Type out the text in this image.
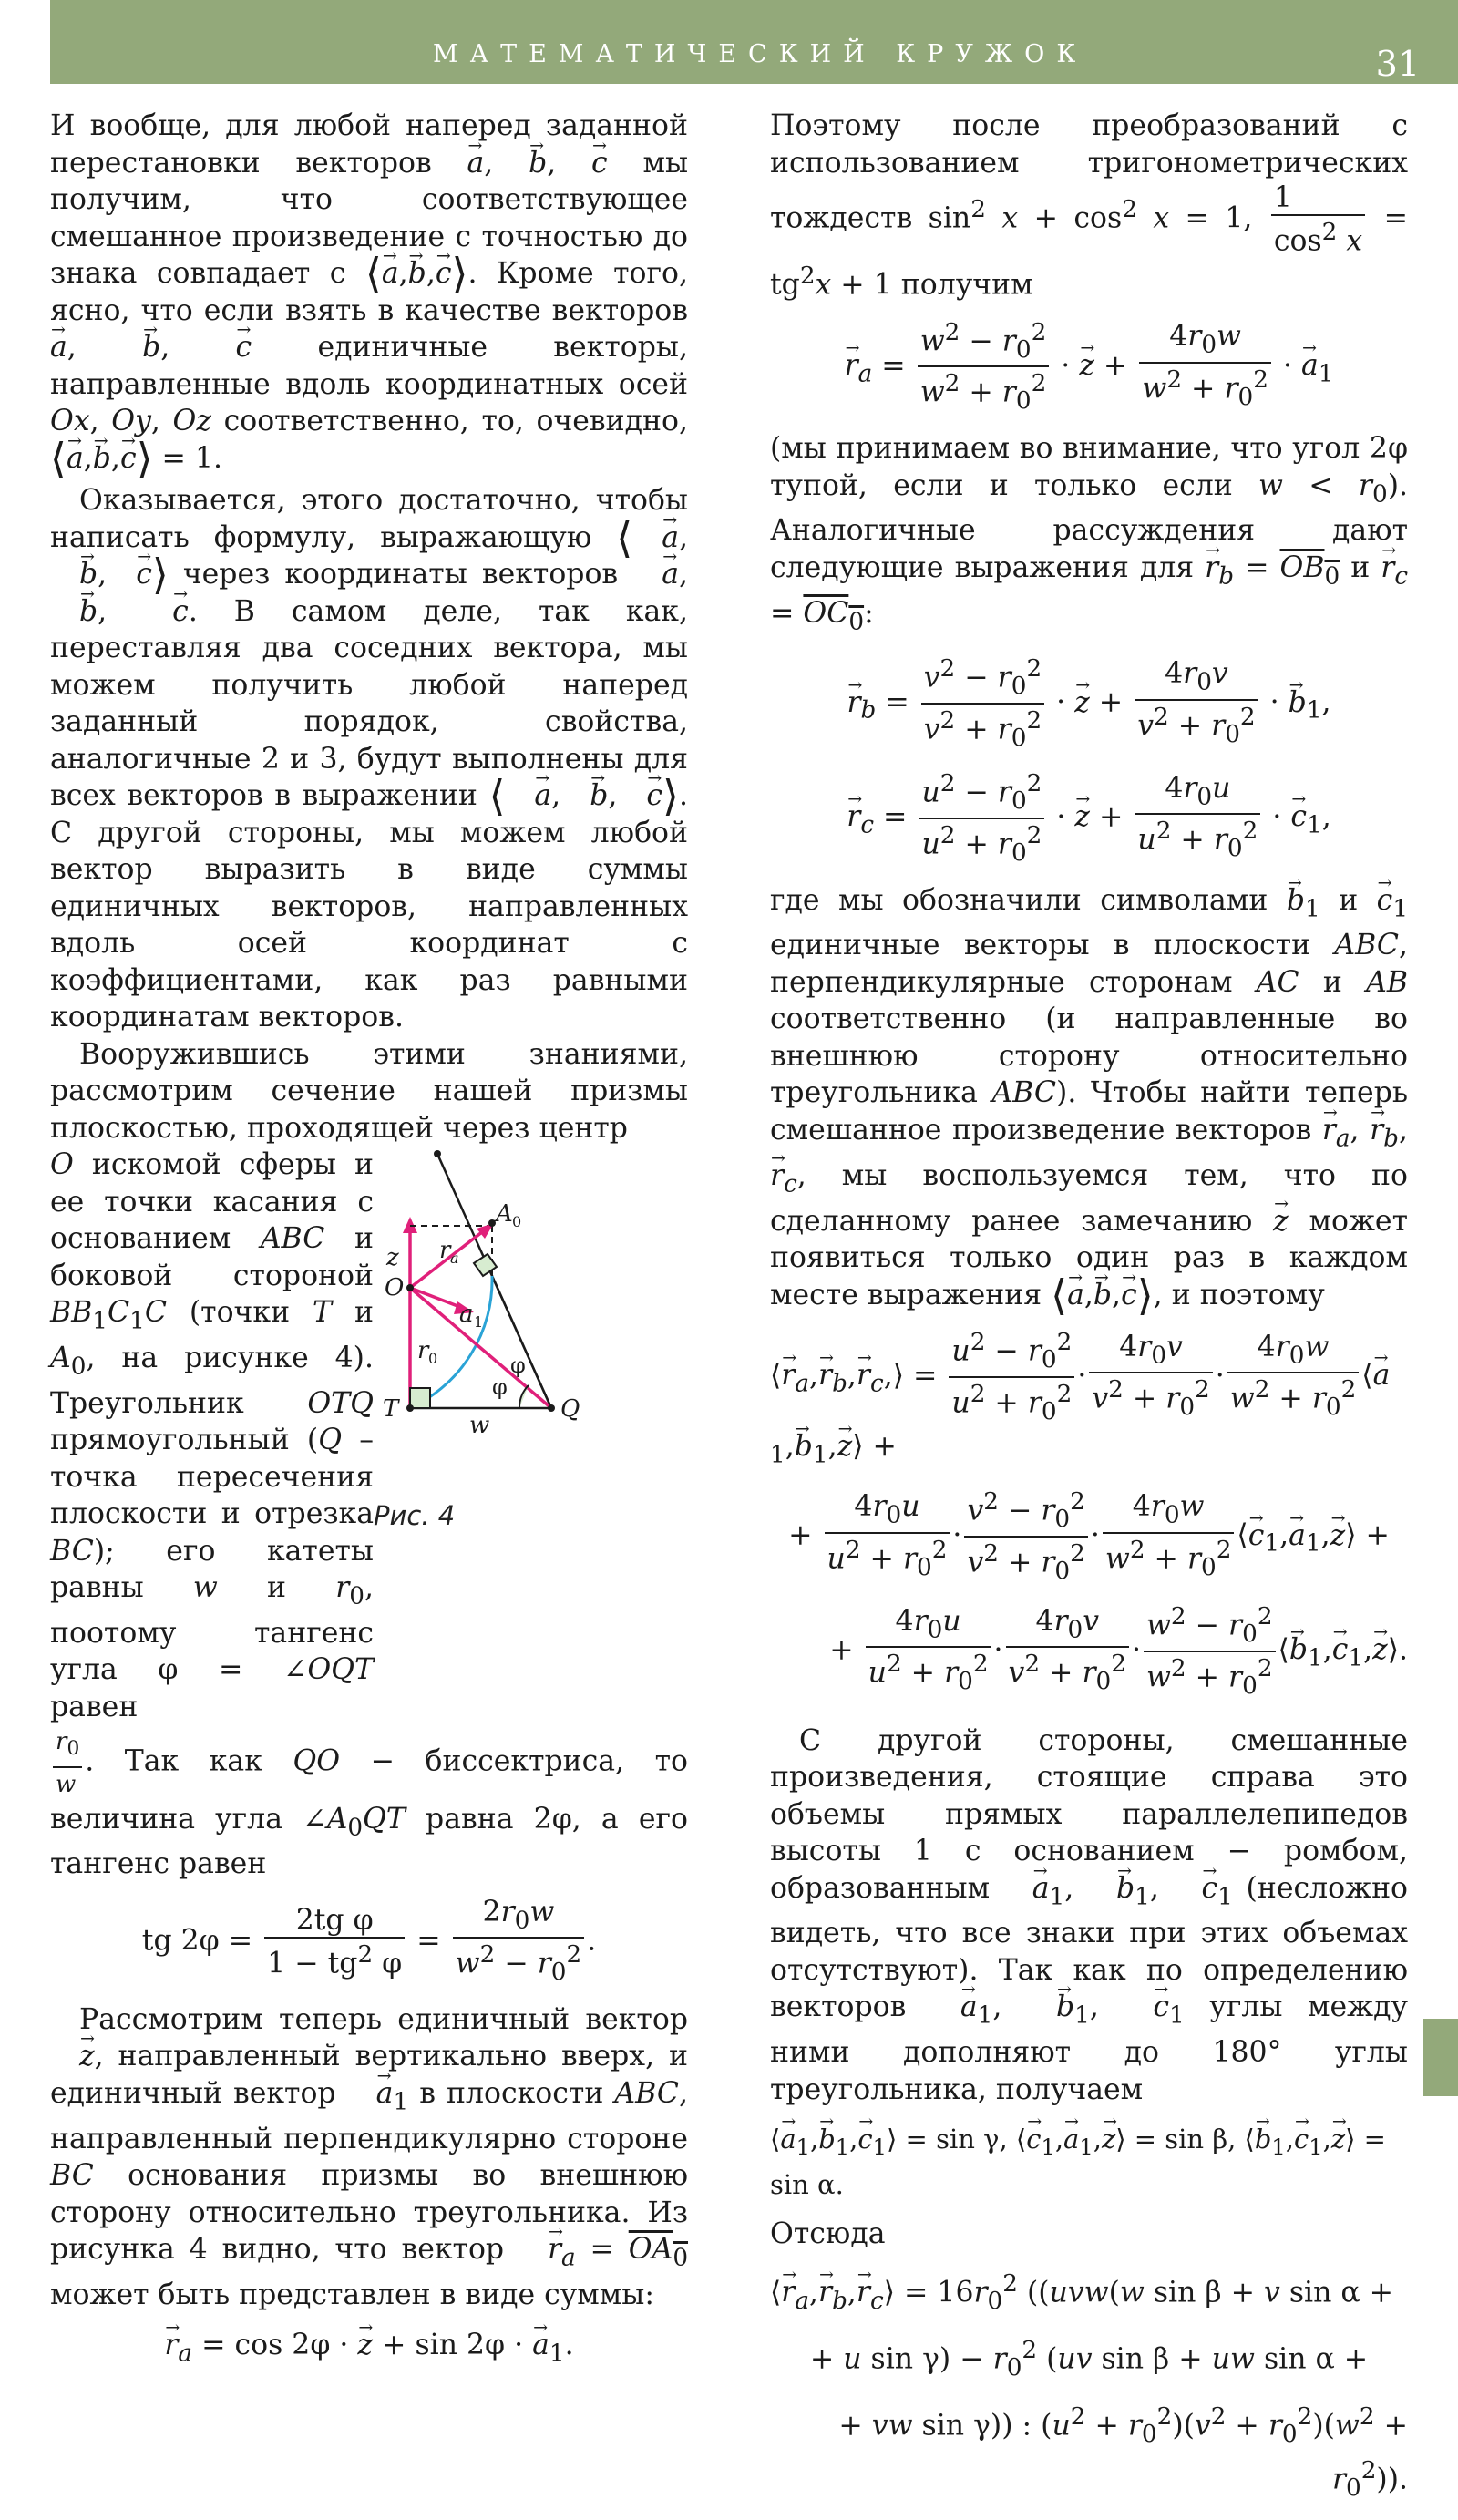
МАТЕМАТИЧЕСКИЙ КРУЖОК	31

И вообще, для любой наперед заданной перестановки векторов → a, → b, → c мы получим, что соответствующее смешанное произведение с точностью до знака совпадает с ⟨→ a,→ b,→ c⟩. Кроме того, ясно, что если взять в качестве векторов → a, → b, → c единичные векторы, направленные вдоль координатных осей Ox, Oy, Oz соответственно, то, очевидно, ⟨→ a,→ b,→ c⟩ = 1.

Оказывается, этого достаточно, чтобы написать формулу, выражающую ⟨ → a,→ b, → c⟩ через координаты векторов → a, → b, → c. В самом деле, так как, переставляя два соседних вектора, мы можем получить любой наперед заданный порядок, свойства, аналогичные 2 и 3, будут выполнены для всех векторов в выражении ⟨ → a, → b, → c⟩. С другой стороны, мы можем любой вектор выразить в виде суммы единичных векторов, направленных вдоль осей координат с коэффициентами, как раз равными координатам векторов.

Вооружившись этими знаниями, рассмотрим сечение нашей призмы плоскостью, проходящей через центр

O искомой сферы и ее точки касания с основанием ABC и боковой стороной $BB_1C_1C$ (точки T и $A_0$, на рисунке 4). Треугольник OTQ прямоугольный (Q – точка пересечения плоскости и отрезка BC); его катеты равны w и $r_0$, поотому тангенс угла φ = ∠OQT равен

A 0
O
z r a
a 1
r 0
T	Q
w
φ
φ
Рис. 4

$\frac{r_0}{w}$ . Так как QO − биссектриса, то величина угла $\angle A_0QT$ равна 2φ, а его тангенс равен

tg $2\varphi = \frac{\text{2tg φ}}{1 - tg^2 \varphi} = \frac{2r_0w}{w^2 - r_0^2}$ .

Рассмотрим теперь единичный вектор → z, направленный вертикально вверх, и единичный вектор → $a_1$ в плоскости ABC, направленный перпендикулярно стороне BC основания призмы во внешнюю сторону относительно треугольника. Из рисунка 4 видно, что вектор → $r_a = OA_0$ может быть представлен в виде суммы:

→ $r_a = \cos 2\varphi$ · → z + sin 2φ · → $a_1$.

Поэтому после преобразований с использованием тригонометрических тождеств $\sin^2 x + \cos^2 x = 1$, $\frac{1}{\cos^2 x} = tg^2x + 1$ получим

→ $r_a = \frac{w^2 - r_0^2}{w^2 + r_0^2}$ · → $z + \frac{4r_0w}{w^2 + r_0^2}$ · → $a_1$

(мы принимаем во внимание, что угол 2φ тупой, если и только если $w < r_0$). Аналогичные рассуждения дают следующие выражения для → $r_b = OB_0$ $и \to r_c = OC_0$:

→ $r_b = \frac{v^2 - r_0^2}{v^2 + r_0^2}$ · → $z + \frac{4r_0v}{v^2 + r_0^2}$ · → $b_1$,
→ $r_c = \frac{u^2 - r_0^2}{u^2 + r_0^2}$ · → $z + \frac{4r_0u}{u^2 + r_0^2}$ · → $c_1$,

где мы обозначили символами → $b_1$ $и \to c_1$ единичные векторы в плоскости ABC, перпендикулярные сторонам AC и AB соответственно (и направленные во внешнюю сторону относительно треугольника ABC). Чтобы найти теперь смешанное произведение векторов → $r_a$, → $r_b$, → $r_c$, мы воспользуемся тем, что по сделанному ранее замечанию → z может появиться только один раз в каждом месте выражения ⟨→ a,→ b,→ c⟩, и поэтому

⟨→ $r_a,\to r_b,\to$ $r_c,⟩ = \frac{u^2 - r_0^2}{u^2 + r_0^2} \cdot \frac{4r_0v}{v^2 + r_0^2} \cdot \frac{4r_0w}{w^2 + r_0^2}$ ⟨→ $a_1,\to b_1,\to$ z⟩ +
+ $\frac{4r_0u}{u^2 + r_0^2} \cdot \frac{v^2 - r_0^2}{v^2 + r_0^2} \cdot \frac{4r_0w}{w^2 + r_0^2}$ ⟨→ $c_1,\to a_1,\to$ z⟩ +
+ $\frac{4r_0u}{u^2 + r_0^2} \cdot \frac{4r_0v}{v^2 + r_0^2} \cdot \frac{w^2 - r_0^2}{w^2 + r_0^2}$ ⟨→ $b_1,\to c_1,\to$ z⟩.

С другой стороны, смешанные произведения, стоящие справа это объемы прямых параллелепипедов высоты 1 с основанием − ромбом, образованным → $a_1$, → $b_1$, → $c_1$ (несложно видеть, что все знаки при этих объемах отсутствуют). Так как по определению векторов → $a_1$, → $b_1$, → $c_1$ углы между ними дополняют до 180° углы треугольника, получаем

⟨→ $a_1,\to b_1,\to$ $c_1⟩ = \sin \gamma$, ⟨→ $c_1,\to a_1,\to$ z⟩ = sin β, ⟨→ $b_1,\to c_1,\to$ z⟩ = sin α.

Отсюда

⟨→ $r_a,\to r_b,\to$ $r_c⟩ = 16r_0^2$ ((uvw(w sin β + v sin α +
+ u $\sin \gamma) - r_0^2$ (uv sin β + uw sin α +
+ vw sin γ)) : $(u^2 + r_0^2)(v^2 + r_0^2)(w^2 + r_0^2)$).
